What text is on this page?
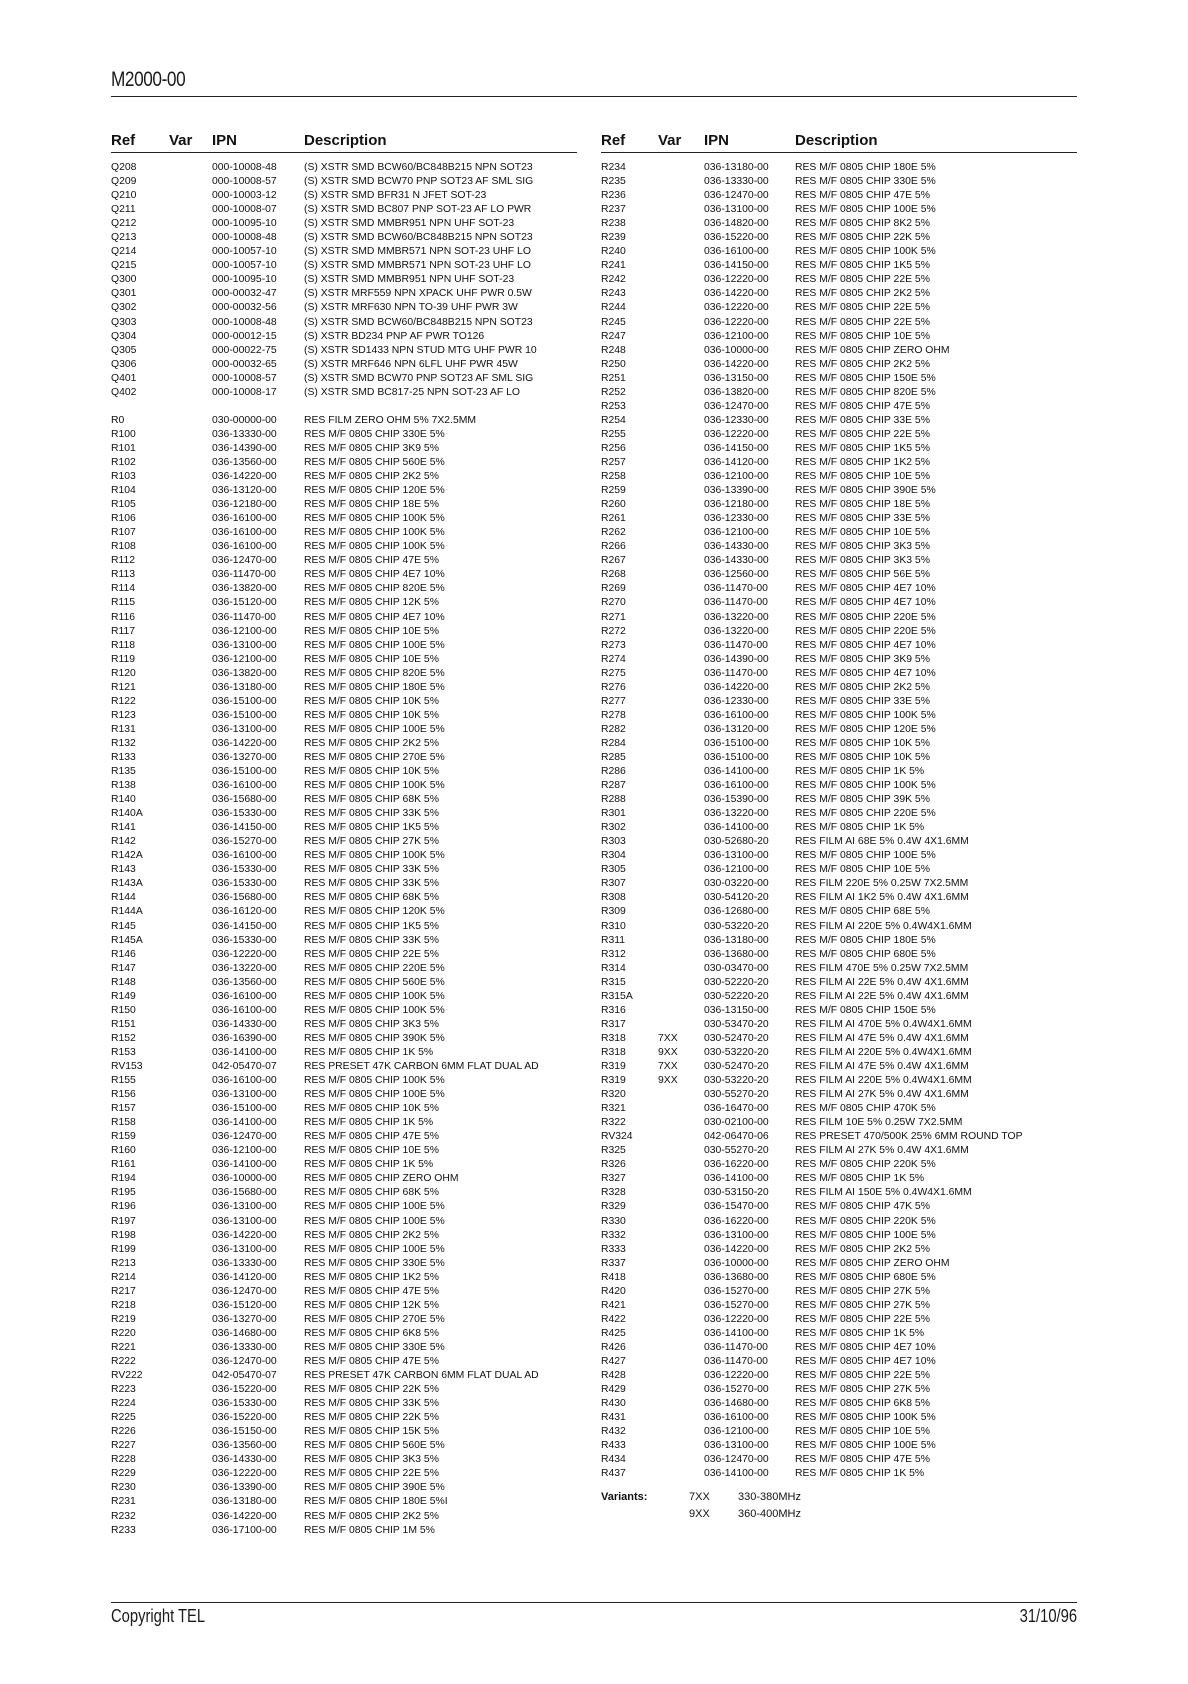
M2000-00
Ref Var IPN	Description
Q208	000-10008-48	(S) XSTR SMD BCW60/BC848B215 NPN SOT23
Q209	000-10008-57	(S) XSTR SMD BCW70 PNP SOT23 AF SML SIG
Q210	000-10003-12	(S) XSTR SMD BFR31 N JFET SOT-23
Q211	000-10008-07	(S) XSTR SMD BC807 PNP SOT-23 AF LO PWR
Q212	000-10095-10	(S) XSTR SMD MMBR951 NPN UHF SOT-23
Q213	000-10008-48	(S) XSTR SMD BCW60/BC848B215 NPN SOT23
Q214	000-10057-10	(S) XSTR SMD MMBR571 NPN SOT-23 UHF LO
Q215	000-10057-10	(S) XSTR SMD MMBR571 NPN SOT-23 UHF LO
Q300	000-10095-10	(S) XSTR SMD MMBR951 NPN UHF SOT-23
Q301	000-00032-47	(S) XSTR MRF559 NPN XPACK UHF PWR 0.5W
Q302	000-00032-56	(S) XSTR MRF630 NPN TO-39 UHF PWR 3W
Q303	000-10008-48	(S) XSTR SMD BCW60/BC848B215 NPN SOT23
Q304	000-00012-15	(S) XSTR BD234 PNP AF PWR TO126
Q305	000-00022-75	(S) XSTR SD1433 NPN STUD MTG UHF PWR 10
Q306	000-00032-65	(S) XSTR MRF646 NPN 6LFL UHF PWR 45W
Q401	000-10008-57	(S) XSTR SMD BCW70 PNP SOT23 AF SML SIG
Q402	000-10008-17	(S) XSTR SMD BC817-25 NPN SOT-23 AF LO
R0	030-00000-00	RES FILM ZERO OHM 5% 7X2.5MM
R100	036-13330-00	RES M/F 0805 CHIP 330E 5%
R101	036-14390-00	RES M/F 0805 CHIP 3K9 5%
R102	036-13560-00	RES M/F 0805 CHIP 560E 5%
R103	036-14220-00	RES M/F 0805 CHIP 2K2 5%
R104	036-13120-00	RES M/F 0805 CHIP 120E 5%
R105	036-12180-00	RES M/F 0805 CHIP 18E 5%
R106	036-16100-00	RES M/F 0805 CHIP 100K 5%
R107	036-16100-00	RES M/F 0805 CHIP 100K 5%
R108	036-16100-00	RES M/F 0805 CHIP 100K 5%
R112	036-12470-00	RES M/F 0805 CHIP 47E 5%
R113	036-11470-00	RES M/F 0805 CHIP 4E7 10%
R114	036-13820-00	RES M/F 0805 CHIP 820E 5%
R115	036-15120-00	RES M/F 0805 CHIP 12K 5%
R116	036-11470-00	RES M/F 0805 CHIP 4E7 10%
R117	036-12100-00	RES M/F 0805 CHIP 10E 5%
R118	036-13100-00	RES M/F 0805 CHIP 100E 5%
R119	036-12100-00	RES M/F 0805 CHIP 10E 5%
R120	036-13820-00	RES M/F 0805 CHIP 820E 5%
R121	036-13180-00	RES M/F 0805 CHIP 180E 5%
R122	036-15100-00	RES M/F 0805 CHIP 10K 5%
R123	036-15100-00	RES M/F 0805 CHIP 10K 5%
R131	036-13100-00	RES M/F 0805 CHIP 100E 5%
R132	036-14220-00	RES M/F 0805 CHIP 2K2 5%
R133	036-13270-00	RES M/F 0805 CHIP 270E 5%
R135	036-15100-00	RES M/F 0805 CHIP 10K 5%
R138	036-16100-00	RES M/F 0805 CHIP 100K 5%
R140	036-15680-00	RES M/F 0805 CHIP 68K 5%
R140A	036-15330-00	RES M/F 0805 CHIP 33K 5%
R141	036-14150-00	RES M/F 0805 CHIP 1K5 5%
R142	036-15270-00	RES M/F 0805 CHIP 27K 5%
R142A	036-16100-00	RES M/F 0805 CHIP 100K 5%
R143	036-15330-00	RES M/F 0805 CHIP 33K 5%
R143A	036-15330-00	RES M/F 0805 CHIP 33K 5%
R144	036-15680-00	RES M/F 0805 CHIP 68K 5%
R144A	036-16120-00	RES M/F 0805 CHIP 120K 5%
R145	036-14150-00	RES M/F 0805 CHIP 1K5 5%
R145A	036-15330-00	RES M/F 0805 CHIP 33K 5%
R146	036-12220-00	RES M/F 0805 CHIP 22E 5%
R147	036-13220-00	RES M/F 0805 CHIP 220E 5%
R148	036-13560-00	RES M/F 0805 CHIP 560E 5%
R149	036-16100-00	RES M/F 0805 CHIP 100K 5%
R150	036-16100-00	RES M/F 0805 CHIP 100K 5%
R151	036-14330-00	RES M/F 0805 CHIP 3K3 5%
R152	036-16390-00	RES M/F 0805 CHIP 390K 5%
R153	036-14100-00	RES M/F 0805 CHIP 1K 5%
RV153	042-05470-07	RES PRESET 47K CARBON 6MM FLAT DUAL AD
R155	036-16100-00	RES M/F 0805 CHIP 100K 5%
R156	036-13100-00	RES M/F 0805 CHIP 100E 5%
R157	036-15100-00	RES M/F 0805 CHIP 10K 5%
R158	036-14100-00	RES M/F 0805 CHIP 1K 5%
R159	036-12470-00	RES M/F 0805 CHIP 47E 5%
R160	036-12100-00	RES M/F 0805 CHIP 10E 5%
R161	036-14100-00	RES M/F 0805 CHIP 1K 5%
R194	036-10000-00	RES M/F 0805 CHIP ZERO OHM
R195	036-15680-00	RES M/F 0805 CHIP 68K 5%
R196	036-13100-00	RES M/F 0805 CHIP 100E 5%
R197	036-13100-00	RES M/F 0805 CHIP 100E 5%
R198	036-14220-00	RES M/F 0805 CHIP 2K2 5%
R199	036-13100-00	RES M/F 0805 CHIP 100E 5%
R213	036-13330-00	RES M/F 0805 CHIP 330E 5%
R214	036-14120-00	RES M/F 0805 CHIP 1K2 5%
R217	036-12470-00	RES M/F 0805 CHIP 47E 5%
R218	036-15120-00	RES M/F 0805 CHIP 12K 5%
R219	036-13270-00	RES M/F 0805 CHIP 270E 5%
R220	036-14680-00	RES M/F 0805 CHIP 6K8 5%
R221	036-13330-00	RES M/F 0805 CHIP 330E 5%
R222	036-12470-00	RES M/F 0805 CHIP 47E 5%
RV222	042-05470-07	RES PRESET 47K CARBON 6MM FLAT DUAL AD
R223	036-15220-00	RES M/F 0805 CHIP 22K 5%
R224	036-15330-00	RES M/F 0805 CHIP 33K 5%
R225	036-15220-00	RES M/F 0805 CHIP 22K 5%
R226	036-15150-00	RES M/F 0805 CHIP 15K 5%
R227	036-13560-00	RES M/F 0805 CHIP 560E 5%
R228	036-14330-00	RES M/F 0805 CHIP 3K3 5%
R229	036-12220-00	RES M/F 0805 CHIP 22E 5%
R230	036-13390-00	RES M/F 0805 CHIP 390E 5%
R231	036-13180-00	RES M/F 0805 CHIP 180E 5%I
R232	036-14220-00	RES M/F 0805 CHIP 2K2 5%
R233	036-17100-00	RES M/F 0805 CHIP 1M 5%
Ref Var IPN	Description
R234	036-13180-00	RES M/F 0805 CHIP 180E 5%
R235	036-13330-00	RES M/F 0805 CHIP 330E 5%
R236	036-12470-00	RES M/F 0805 CHIP 47E 5%
R237	036-13100-00	RES M/F 0805 CHIP 100E 5%
R238	036-14820-00	RES M/F 0805 CHIP 8K2 5%
R239	036-15220-00	RES M/F 0805 CHIP 22K 5%
R240	036-16100-00	RES M/F 0805 CHIP 100K 5%
R241	036-14150-00	RES M/F 0805 CHIP 1K5 5%
R242	036-12220-00	RES M/F 0805 CHIP 22E 5%
R243	036-14220-00	RES M/F 0805 CHIP 2K2 5%
R244	036-12220-00	RES M/F 0805 CHIP 22E 5%
R245	036-12220-00	RES M/F 0805 CHIP 22E 5%
R247	036-12100-00	RES M/F 0805 CHIP 10E 5%
R248	036-10000-00	RES M/F 0805 CHIP ZERO OHM
R250	036-14220-00	RES M/F 0805 CHIP 2K2 5%
R251	036-13150-00	RES M/F 0805 CHIP 150E 5%
R252	036-13820-00	RES M/F 0805 CHIP 820E 5%
R253	036-12470-00	RES M/F 0805 CHIP 47E 5%
R254	036-12330-00	RES M/F 0805 CHIP 33E 5%
R255	036-12220-00	RES M/F 0805 CHIP 22E 5%
R256	036-14150-00	RES M/F 0805 CHIP 1K5 5%
R257	036-14120-00	RES M/F 0805 CHIP 1K2 5%
R258	036-12100-00	RES M/F 0805 CHIP 10E 5%
R259	036-13390-00	RES M/F 0805 CHIP 390E 5%
R260	036-12180-00	RES M/F 0805 CHIP 18E 5%
R261	036-12330-00	RES M/F 0805 CHIP 33E 5%
R262	036-12100-00	RES M/F 0805 CHIP 10E 5%
R266	036-14330-00	RES M/F 0805 CHIP 3K3 5%
R267	036-14330-00	RES M/F 0805 CHIP 3K3 5%
R268	036-12560-00	RES M/F 0805 CHIP 56E 5%
R269	036-11470-00	RES M/F 0805 CHIP 4E7 10%
R270	036-11470-00	RES M/F 0805 CHIP 4E7 10%
R271	036-13220-00	RES M/F 0805 CHIP 220E 5%
R272	036-13220-00	RES M/F 0805 CHIP 220E 5%
R273	036-11470-00	RES M/F 0805 CHIP 4E7 10%
R274	036-14390-00	RES M/F 0805 CHIP 3K9 5%
R275	036-11470-00	RES M/F 0805 CHIP 4E7 10%
R276	036-14220-00	RES M/F 0805 CHIP 2K2 5%
R277	036-12330-00	RES M/F 0805 CHIP 33E 5%
R278	036-16100-00	RES M/F 0805 CHIP 100K 5%
R282	036-13120-00	RES M/F 0805 CHIP 120E 5%
R284	036-15100-00	RES M/F 0805 CHIP 10K 5%
R285	036-15100-00	RES M/F 0805 CHIP 10K 5%
R286	036-14100-00	RES M/F 0805 CHIP 1K 5%
R287	036-16100-00	RES M/F 0805 CHIP 100K 5%
R288	036-15390-00	RES M/F 0805 CHIP 39K 5%
R301	036-13220-00	RES M/F 0805 CHIP 220E 5%
R302	036-14100-00	RES M/F 0805 CHIP 1K 5%
R303	030-52680-20	RES FILM AI 68E 5% 0.4W 4X1.6MM
R304	036-13100-00	RES M/F 0805 CHIP 100E 5%
R305	036-12100-00	RES M/F 0805 CHIP 10E 5%
R307	030-03220-00	RES FILM 220E 5% 0.25W 7X2.5MM
R308	030-54120-20	RES FILM AI 1K2 5% 0.4W 4X1.6MM
R309	036-12680-00	RES M/F 0805 CHIP 68E 5%
R310	030-53220-20	RES FILM AI 220E 5% 0.4W4X1.6MM
R311	036-13180-00	RES M/F 0805 CHIP 180E 5%
R312	036-13680-00	RES M/F 0805 CHIP 680E 5%
R314	030-03470-00	RES FILM 470E 5% 0.25W 7X2.5MM
R315	030-52220-20	RES FILM AI 22E 5% 0.4W 4X1.6MM
R315A	030-52220-20	RES FILM AI 22E 5% 0.4W 4X1.6MM
R316	036-13150-00	RES M/F 0805 CHIP 150E 5%
R317	030-53470-20	RES FILM AI 470E 5% 0.4W4X1.6MM
R318	7XX	030-52470-20	RES FILM AI 47E 5% 0.4W 4X1.6MM
R318	9XX	030-53220-20	RES FILM AI 220E 5% 0.4W4X1.6MM
R319	7XX	030-52470-20	RES FILM AI 47E 5% 0.4W 4X1.6MM
R319	9XX	030-53220-20	RES FILM AI 220E 5% 0.4W4X1.6MM
R320	030-55270-20	RES FILM AI 27K 5% 0.4W 4X1.6MM
R321	036-16470-00	RES M/F 0805 CHIP 470K 5%
R322	030-02100-00	RES FILM 10E 5% 0.25W 7X2.5MM
RV324	042-06470-06	RES PRESET 470/500K 25% 6MM ROUND TOP
R325	030-55270-20	RES FILM AI 27K 5% 0.4W 4X1.6MM
R326	036-16220-00	RES M/F 0805 CHIP 220K 5%
R327	036-14100-00	RES M/F 0805 CHIP 1K 5%
R328	030-53150-20	RES FILM AI 150E 5% 0.4W4X1.6MM
R329	036-15470-00	RES M/F 0805 CHIP 47K 5%
R330	036-16220-00	RES M/F 0805 CHIP 220K 5%
R332	036-13100-00	RES M/F 0805 CHIP 100E 5%
R333	036-14220-00	RES M/F 0805 CHIP 2K2 5%
R337	036-10000-00	RES M/F 0805 CHIP ZERO OHM
R418	036-13680-00	RES M/F 0805 CHIP 680E 5%
R420	036-15270-00	RES M/F 0805 CHIP 27K 5%
R421	036-15270-00	RES M/F 0805 CHIP 27K 5%
R422	036-12220-00	RES M/F 0805 CHIP 22E 5%
R425	036-14100-00	RES M/F 0805 CHIP 1K 5%
R426	036-11470-00	RES M/F 0805 CHIP 4E7 10%
R427	036-11470-00	RES M/F 0805 CHIP 4E7 10%
R428	036-12220-00	RES M/F 0805 CHIP 22E 5%
R429	036-15270-00	RES M/F 0805 CHIP 27K 5%
R430	036-14680-00	RES M/F 0805 CHIP 6K8 5%
R431	036-16100-00	RES M/F 0805 CHIP 100K 5%
R432	036-12100-00	RES M/F 0805 CHIP 10E 5%
R433	036-13100-00	RES M/F 0805 CHIP 100E 5%
R434	036-12470-00	RES M/F 0805 CHIP 47E 5%
R437	036-14100-00	RES M/F 0805 CHIP 1K 5%
Variants:	7XX	330-380MHz
9XX	360-400MHz
Copyright TEL	31/10/96
